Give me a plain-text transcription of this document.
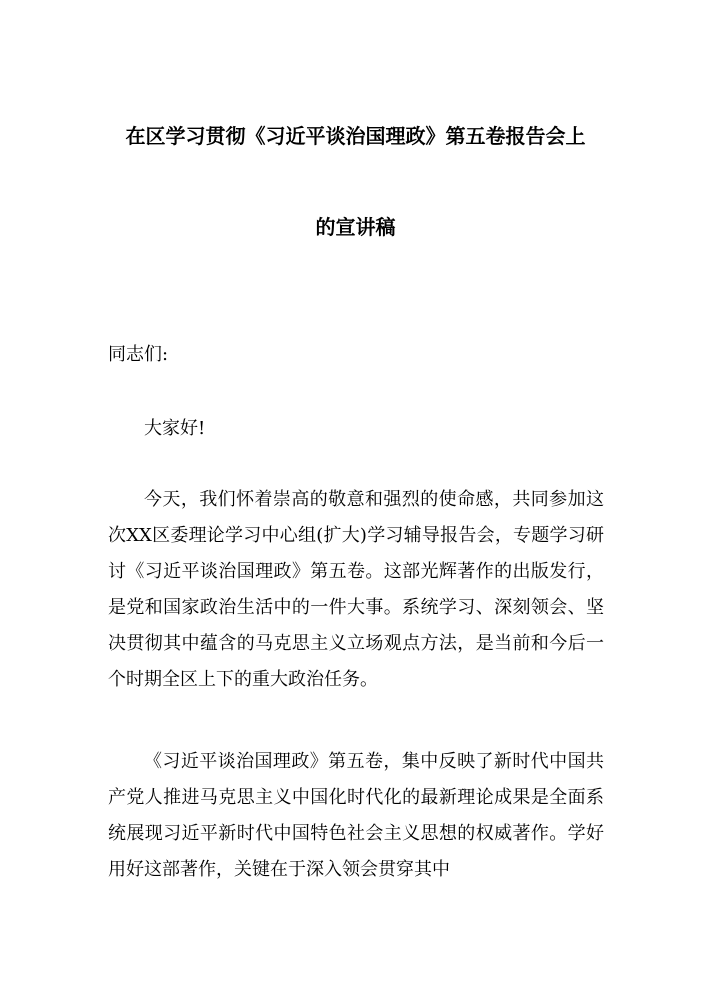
在区学习贯彻《习近平谈治国理政》第五卷报告会上
的宣讲稿

同志们:

大家好!

今天，我们怀着崇高的敬意和强烈的使命感，共同参加这次XX区委理论学习中心组(扩大)学习辅导报告会，专题学习研讨《习近平谈治国理政》第五卷。这部光辉著作的出版发行，是党和国家政治生活中的一件大事。系统学习、深刻领会、坚决贯彻其中蕴含的马克思主义立场观点方法，是当前和今后一个时期全区上下的重大政治任务。

《习近平谈治国理政》第五卷，集中反映了新时代中国共产党人推进马克思主义中国化时代化的最新理论成果是全面系统展现习近平新时代中国特色社会主义思想的权威著作。学好用好这部著作，关键在于深入领会贯穿其中
